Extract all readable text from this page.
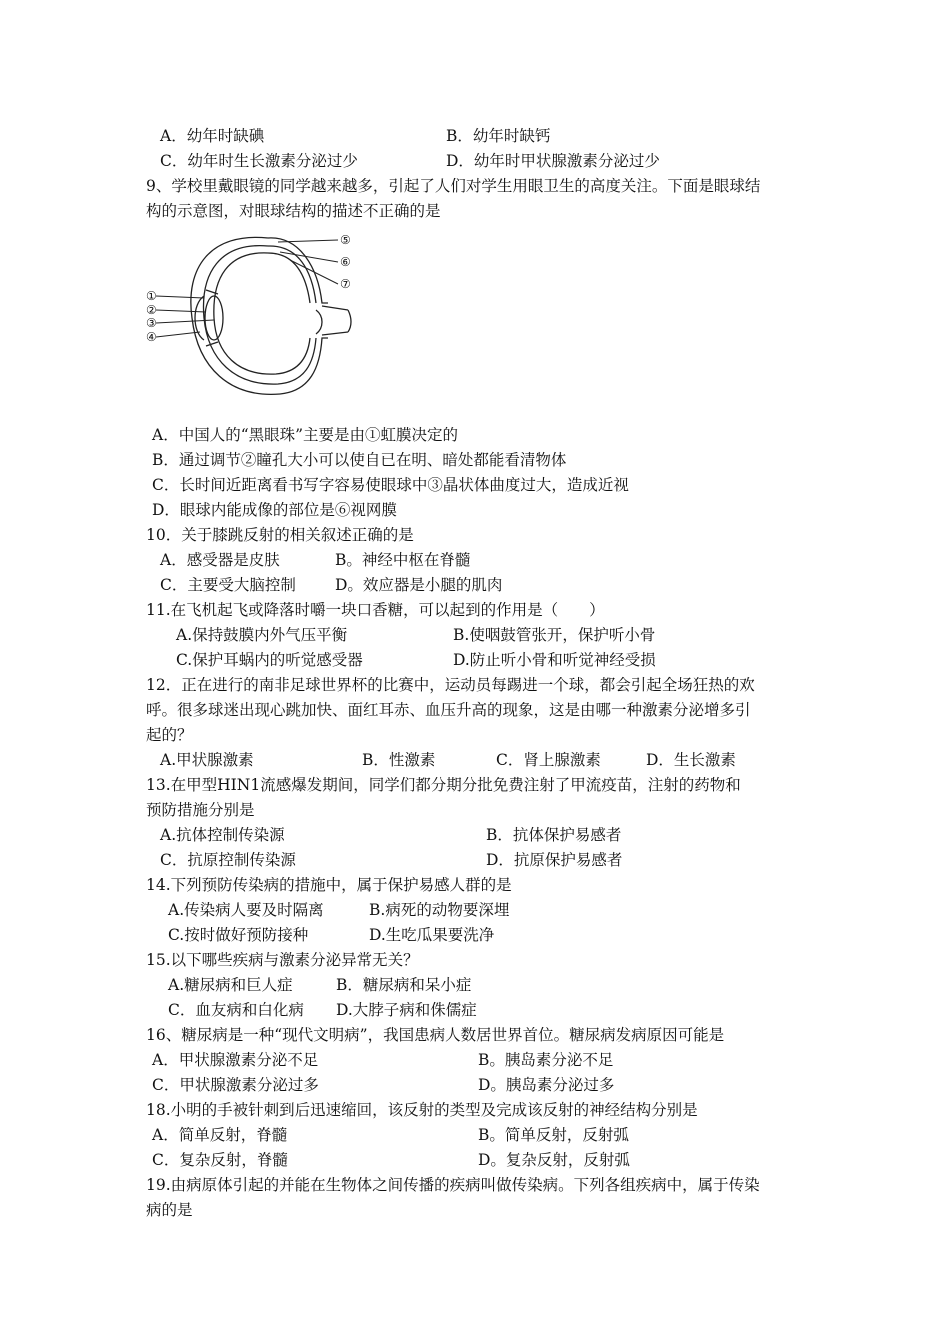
A．幼年时缺碘	B．幼年时缺钙
C．幼年时生长激素分泌过少	D．幼年时甲状腺激素分泌过少
9、学校里戴眼镜的同学越来越多，引起了人们对学生用眼卫生的高度关注。下面是眼球结
构的示意图，对眼球结构的描述不正确的是
①
②
③
④
⑤
⑥
⑦
A．中国人的“黑眼珠”主要是由①虹膜决定的
B．通过调节②瞳孔大小可以使自已在明、暗处都能看清物体
C．长时间近距离看书写字容易使眼球中③晶状体曲度过大，造成近视
D．眼球内能成像的部位是⑥视网膜
10．关于膝跳反射的相关叙述正确的是
A．感受器是皮肤	B。神经中枢在脊髓
C．主要受大脑控制	D。效应器是小腿的肌肉
11.在飞机起飞或降落时嚼一块口香糖，可以起到的作用是（　　）
A.保持鼓膜内外气压平衡	B.使咽鼓管张开，保护听小骨
C.保护耳蜗内的听觉感受器	D.防止听小骨和听觉神经受损
12．正在进行的南非足球世界杯的比赛中，运动员每踢进一个球，都会引起全场狂热的欢
呼。很多球迷出现心跳加快、面红耳赤、血压升高的现象，这是由哪一种激素分泌增多引
起的？
A.甲状腺激素	B．性激素	C．肾上腺激素	D．生长激素
13.在甲型HIN1流感爆发期间，同学们都分期分批免费注射了甲流疫苗，注射的药物和
预防措施分别是
A.抗体控制传染源	B．抗体保护易感者
C．抗原控制传染源	D．抗原保护易感者
14.下列预防传染病的措施中，属于保护易感人群的是
A.传染病人要及时隔离	B.病死的动物要深埋
C.按时做好预防接种	D.生吃瓜果要洗净
15.以下哪些疾病与激素分泌异常无关？
A.糖尿病和巨人症	B．糖尿病和呆小症
C．血友病和白化病 D.大脖子病和侏儒症
16、糖尿病是一种“现代文明病”，我国患病人数居世界首位。糖尿病发病原因可能是
A．甲状腺激素分泌不足	B。胰岛素分泌不足
C．甲状腺激素分泌过多	D。胰岛素分泌过多
18.小明的手被针刺到后迅速缩回，该反射的类型及完成该反射的神经结构分别是
A．简单反射，脊髓	B。简单反射，反射弧
C．复杂反射，脊髓	D。复杂反射，反射弧
19.由病原体引起的并能在生物体之间传播的疾病叫做传染病。下列各组疾病中，属于传染
病的是
